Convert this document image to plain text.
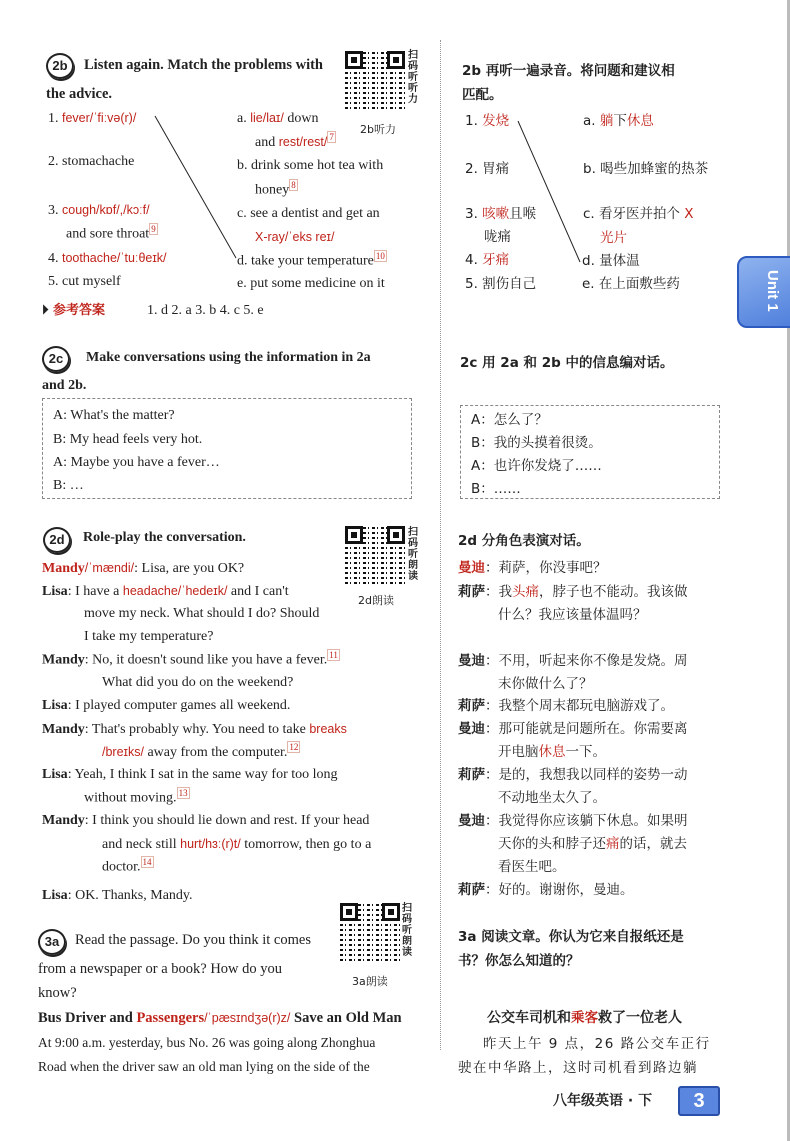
2b	Listen again. Match the problems with
the advice.
扫码听听力
2b听力
1. fever/ˈfiːvə(r)/
2. stomachache
3. cough/kɒf/,/kɔːf/
and sore throat $^9$
4. toothache/ˈtuːθeɪk/
5. cut myself
a. lie/laɪ/ down
and rest/rest/ $^7$
b. drink some hot tea with
honey $^8$
c. see a dentist and get an
X-ray/ˈeks reɪ/
d. take your temperature $^{10}$
e. put some medicine on it
⏵ 参考答案	1. d 2. a 3. b 4. c 5. e
2b 再听一遍录音。将问题和建议相
匹配。
1. 发烧
2. 胃痛
3. 咳嗽且喉
咙痛
4. 牙痛
5. 割伤自己
a. 躺下休息
b. 喝些加蜂蜜的热茶
c. 看牙医并拍个 X
光片
d. 量体温
e. 在上面敷些药	Unit 1
2c	Make conversations using the information in 2a
and 2b.
A: What's the matter?
B: My head feels very hot.
A: Maybe you have a fever…
B: …
2c 用 2a 和 2b 中的信息编对话。
A：怎么了？
B：我的头摸着很烫。
A：也许你发烧了……
B：……
2d	Role-play the conversation.	扫码听朗读
2d朗读
Mandy/ˈmændi/: Lisa, are you OK?
Lisa: I have a headache/ˈhedeɪk/ and I can't
move my neck. What should I do? Should
I take my temperature?
Mandy: No, it doesn't sound like you have a fever. $^{11}$
What did you do on the weekend?
Lisa: I played computer games all weekend.
Mandy: That's probably why. You need to take breaks
/breɪks/ away from the computer. $^{12}$
Lisa: Yeah, I think I sat in the same way for too long
without moving. $^{13}$
Mandy: I think you should lie down and rest. If your head
and neck still hurt/hɜː(r)t/ tomorrow, then go to a
doctor. $^{14}$
Lisa: OK. Thanks, Mandy.
2d 分角色表演对话。
曼迪：莉萨，你没事吧？
莉萨：我头痛，脖子也不能动。我该做
什么？我应该量体温吗？
曼迪：不用，听起来你不像是发烧。周
末你做什么了？
莉萨：我整个周末都玩电脑游戏了。
曼迪：那可能就是问题所在。你需要离
开电脑休息一下。
莉萨：是的，我想我以同样的姿势一动
不动地坐太久了。
曼迪：我觉得你应该躺下休息。如果明
天你的头和脖子还痛的话，就去
看医生吧。
莉萨：好的。谢谢你，曼迪。
3a
扫码听朗读
3a朗读
Read the passage. Do you think it comes
from a newspaper or a book? How do you
know?
Bus Driver and Passengers/ˈpæsɪndʒə(r)z/ Save an Old Man
At 9:00 a.m. yesterday, bus No. 26 was going along Zhonghua
Road when the driver saw an old man lying on the side of the
3a 阅读文章。你认为它来自报纸还是
书？你怎么知道的？
公交车司机和乘客救了一位老人
昨天上午 9 点，26 路公交车正行
驶在中华路上，这时司机看到路边躺
八年级英语 · 下	3
